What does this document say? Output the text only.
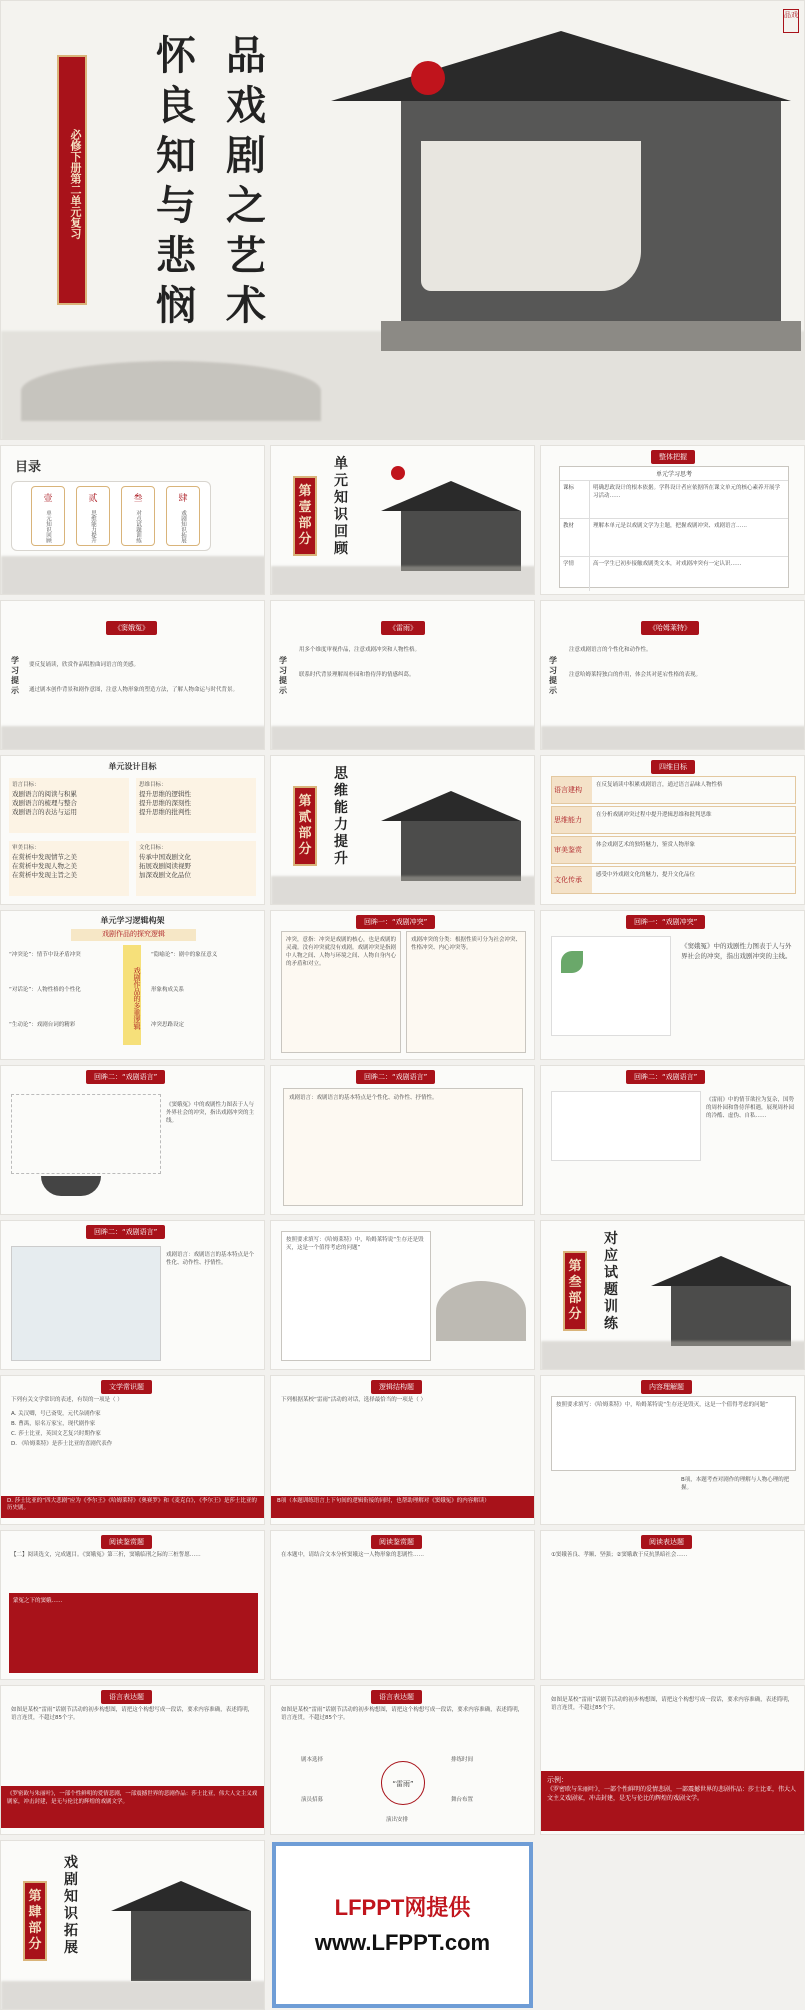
品戏
品戏剧之艺术
怀良知与悲悯
必修下册第二单元复习
目录
壹
单元知识回顾
贰
思维能力提升
叁
对点试题训练
肆
戏剧知识拓展
第壹部分
单元知识回顾
整体把握
单元学习思考
课标	明确思政设计的根本依据。学科设计者应依据所在课文单元的核心素养开展学习活动……
教材	理解本单元是以戏剧文学为主题，把握戏剧冲突、戏剧语言……
学情	高一学生已初步接触戏剧类文本，对戏剧冲突有一定认识……
《窦娥冤》
学习提示
要反复诵读，欣赏作品唱腔曲词语言的美感。
通过剧本创作背景和剧作意图，注意人物形象的塑造方法，了解人物命运与时代背景。
《雷雨》
学习提示
用多个维度审视作品，注意戏剧冲突和人物性格。
联系时代背景理解周朴园和鲁侍萍的情感纠葛。
《哈姆莱特》
学习提示
注意戏剧语言的个性化和动作性。
注意哈姆莱特独白的作用，体会其对延宕性格的表现。
单元设计目标
语言目标：
戏剧语言的阅读与积累
戏剧语言的梳理与整合
戏剧语言的表达与运用
思维目标：
提升思维的逻辑性
提升思维的深刻性
提升思维的批判性
审美目标：
在赏析中发现情节之美
在赏析中发现人物之美
在赏析中发现主旨之美
文化目标：
传承中国戏剧文化
拓展戏剧阅读视野
加深戏剧文化品位
第贰部分
思维能力提升
四维目标
语言建构
在反复诵读中积累戏剧语言，通过语言品味人物性格
思维能力
在分析戏剧冲突过程中提升逻辑思维和批判思维
审美鉴赏
体会戏剧艺术的独特魅力，鉴赏人物形象
文化传承
感受中外戏剧文化的魅力，提升文化品位
单元学习逻辑构架
戏剧作品的探究逻辑
戏剧作品的多重逻辑
“冲突论”：情节中设矛盾冲突
“对话论”：人物性格的个性化
“生动论”：戏剧台词的精彩
“隐喻论”：剧中的象征意义
形象构成关系
冲突思路设定
回眸一：“戏剧冲突”
冲突，意指：冲突是戏剧的核心，也是戏剧的灵魂。没有冲突就没有戏剧。戏剧冲突是指剧中人物之间、人物与环境之间、人物自身内心的矛盾和对立。
戏剧冲突的分类：根据性质可分为社会冲突、性格冲突、内心冲突等。
回眸一：“戏剧冲突”
《窦娥冤》中的戏剧性力图表于人与外界社会的冲突，指出戏剧冲突的主线。
回眸二：“戏剧语言”
《窦娥冤》中的戏剧性力图表于人与外界社会的冲突，指出戏剧冲突的主线。
回眸二：“戏剧语言”
戏剧语言：戏剧语言的基本特点是个性化、动作性、抒情性。
回眸二：“戏剧语言”
《雷雨》中的情节欲拉为复杂，国势的周朴园和鲁侍萍相遇，展现周朴园的冷酷、虚伪、自私……
回眸二：“戏剧语言”
戏剧语言：戏剧语言的基本特点是个性化、动作性、抒情性。
按照要求填写：《哈姆莱特》中，哈姆莱特说“生存还是毁灭，这是一个值得考虑的问题”
第叁部分
对应试题训练
文学常识题
下列有关文学常识的表述，有误的一项是（ ）
A. 关汉卿，号已斋叟，元代杂剧作家
B. 曹禺，原名万家宝，现代剧作家
C. 莎士比亚，英国文艺复兴时期作家
D. 《哈姆莱特》是莎士比亚的喜剧代表作
D. 莎士比亚的“四大悲剧”应为《李尔王》《哈姆莱特》《奥赛罗》和《麦克白》，《李尔王》是莎士比亚的历史剧。
逻辑结构题
下列根据某校“雷雨”活动的对话，选择最恰当的一项是（ ）
B项（本题训练语言上下句间的逻辑衔接的同时，也帮助理解对《窦娥冤》的内容解读）
内容理解题
按照要求填写：《哈姆莱特》中，哈姆莱特说“生存还是毁灭，这是一个值得考虑的问题”
B项，本题考查对剧作的理解与人物心理的把握。
阅读鉴赏题
【二】阅读选文，完成题目。《窦娥冤》第三折，窦娥临刑之际的三桩誓愿……
蒙冤之下的窦娥……
阅读鉴赏题
在本题中，请结合文本分析窦娥这一人物形象的悲剧性……
阅读表达题
①窦娥善良、孝顺、坚强；②窦娥敢于反抗黑暗社会……
语言表达题
如图是某校“雷雨”话剧节活动的初步构想图，请把这个构想写成一段话，要求内容准确，表述简明，语言连贯，不超过85个字。
《罗密欧与朱丽叶》，一部个性鲜明的爱情悲剧，一部震撼世界的悲剧作品：莎士比亚，伟大人文主义戏剧家，冲击封建，是无与伦比的辉煌的戏剧文学。
语言表达题
如图是某校“雷雨”话剧节活动的初步构想图，请把这个构想写成一段话，要求内容准确，表述简明，语言连贯，不超过85个字。
“雷雨”
剧本选择
演员招募
排练时间
舞台布置
演出安排
如图是某校“雷雨”话剧节活动的初步构想图，请把这个构想写成一段话，要求内容准确，表述简明，语言连贯，不超过85个字。
示例：
《罗密欧与朱丽叶》，一部个性鲜明的爱情悲剧，一部震撼世界的悲剧作品：莎士比亚，伟大人文主义戏剧家，冲击封建，是无与伦比的辉煌的戏剧文学。
第肆部分
戏剧知识拓展
LFPPT网提供
www.LFPPT.com
